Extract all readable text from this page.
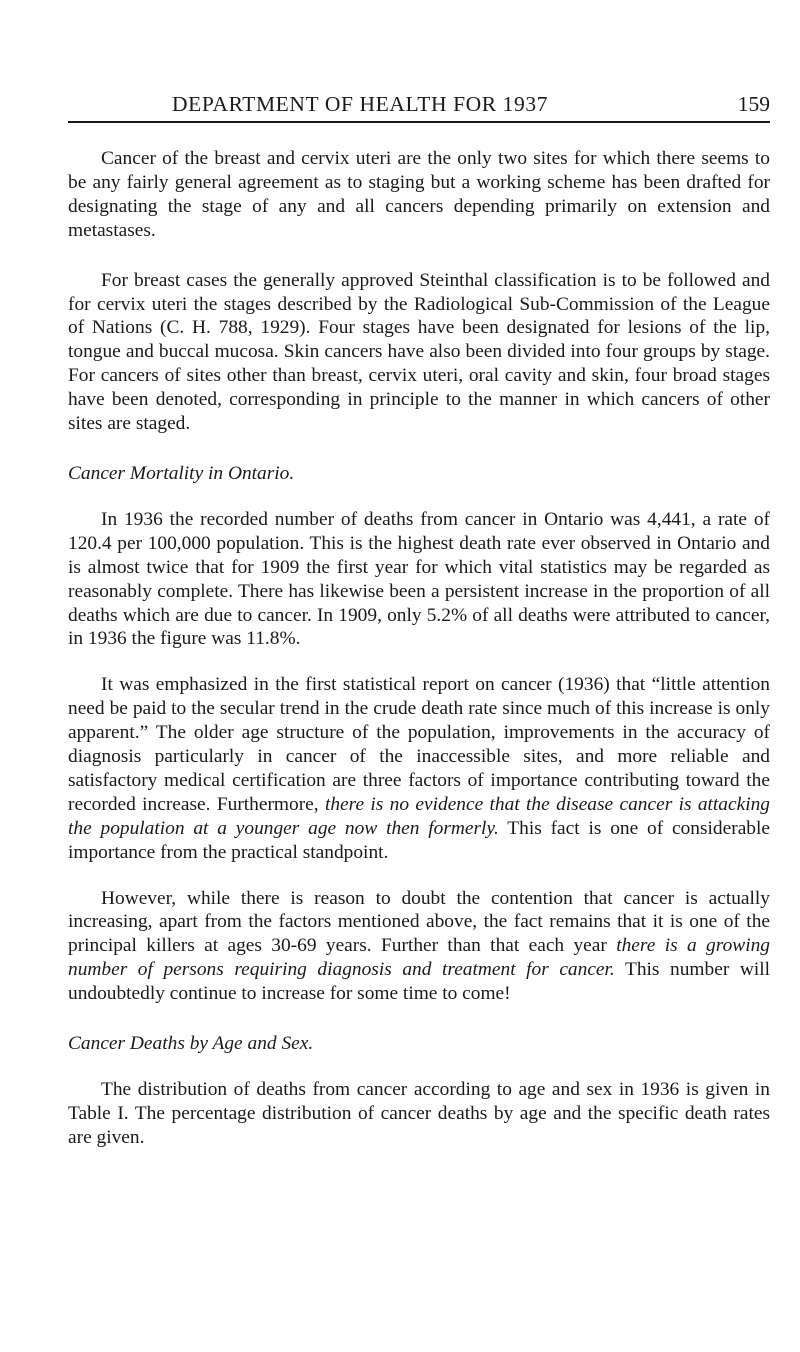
DEPARTMENT OF HEALTH FOR 1937	159

Cancer of the breast and cervix uteri are the only two sites for which there seems to be any fairly general agreement as to staging but a working scheme has been drafted for designating the stage of any and all cancers depending primarily on extension and metastases.

For breast cases the generally approved Steinthal classification is to be followed and for cervix uteri the stages described by the Radiological Sub-Commission of the League of Nations (C. H. 788, 1929). Four stages have been designated for lesions of the lip, tongue and buccal mucosa. Skin cancers have also been divided into four groups by stage. For cancers of sites other than breast, cervix uteri, oral cavity and skin, four broad stages have been denoted, corresponding in principle to the manner in which cancers of other sites are staged.

Cancer Mortality in Ontario.

In 1936 the recorded number of deaths from cancer in Ontario was 4,441, a rate of 120.4 per 100,000 population. This is the highest death rate ever observed in Ontario and is almost twice that for 1909 the first year for which vital statistics may be regarded as reasonably complete. There has likewise been a persistent increase in the proportion of all deaths which are due to cancer. In 1909, only 5.2% of all deaths were attributed to cancer, in 1936 the figure was 11.8%.

It was emphasized in the first statistical report on cancer (1936) that “little attention need be paid to the secular trend in the crude death rate since much of this increase is only apparent.” The older age structure of the population, improvements in the accuracy of diagnosis particularly in cancer of the inaccessible sites, and more reliable and satisfactory medical certification are three factors of importance contributing toward the recorded increase. Furthermore, there is no evidence that the disease cancer is attacking the population at a younger age now then formerly. This fact is one of considerable importance from the practical standpoint.

However, while there is reason to doubt the contention that cancer is actually increasing, apart from the factors mentioned above, the fact remains that it is one of the principal killers at ages 30-69 years. Further than that each year there is a growing number of persons requiring diagnosis and treatment for cancer. This number will undoubtedly continue to increase for some time to come!

Cancer Deaths by Age and Sex.

The distribution of deaths from cancer according to age and sex in 1936 is given in Table I. The percentage distribution of cancer deaths by age and the specific death rates are given.
